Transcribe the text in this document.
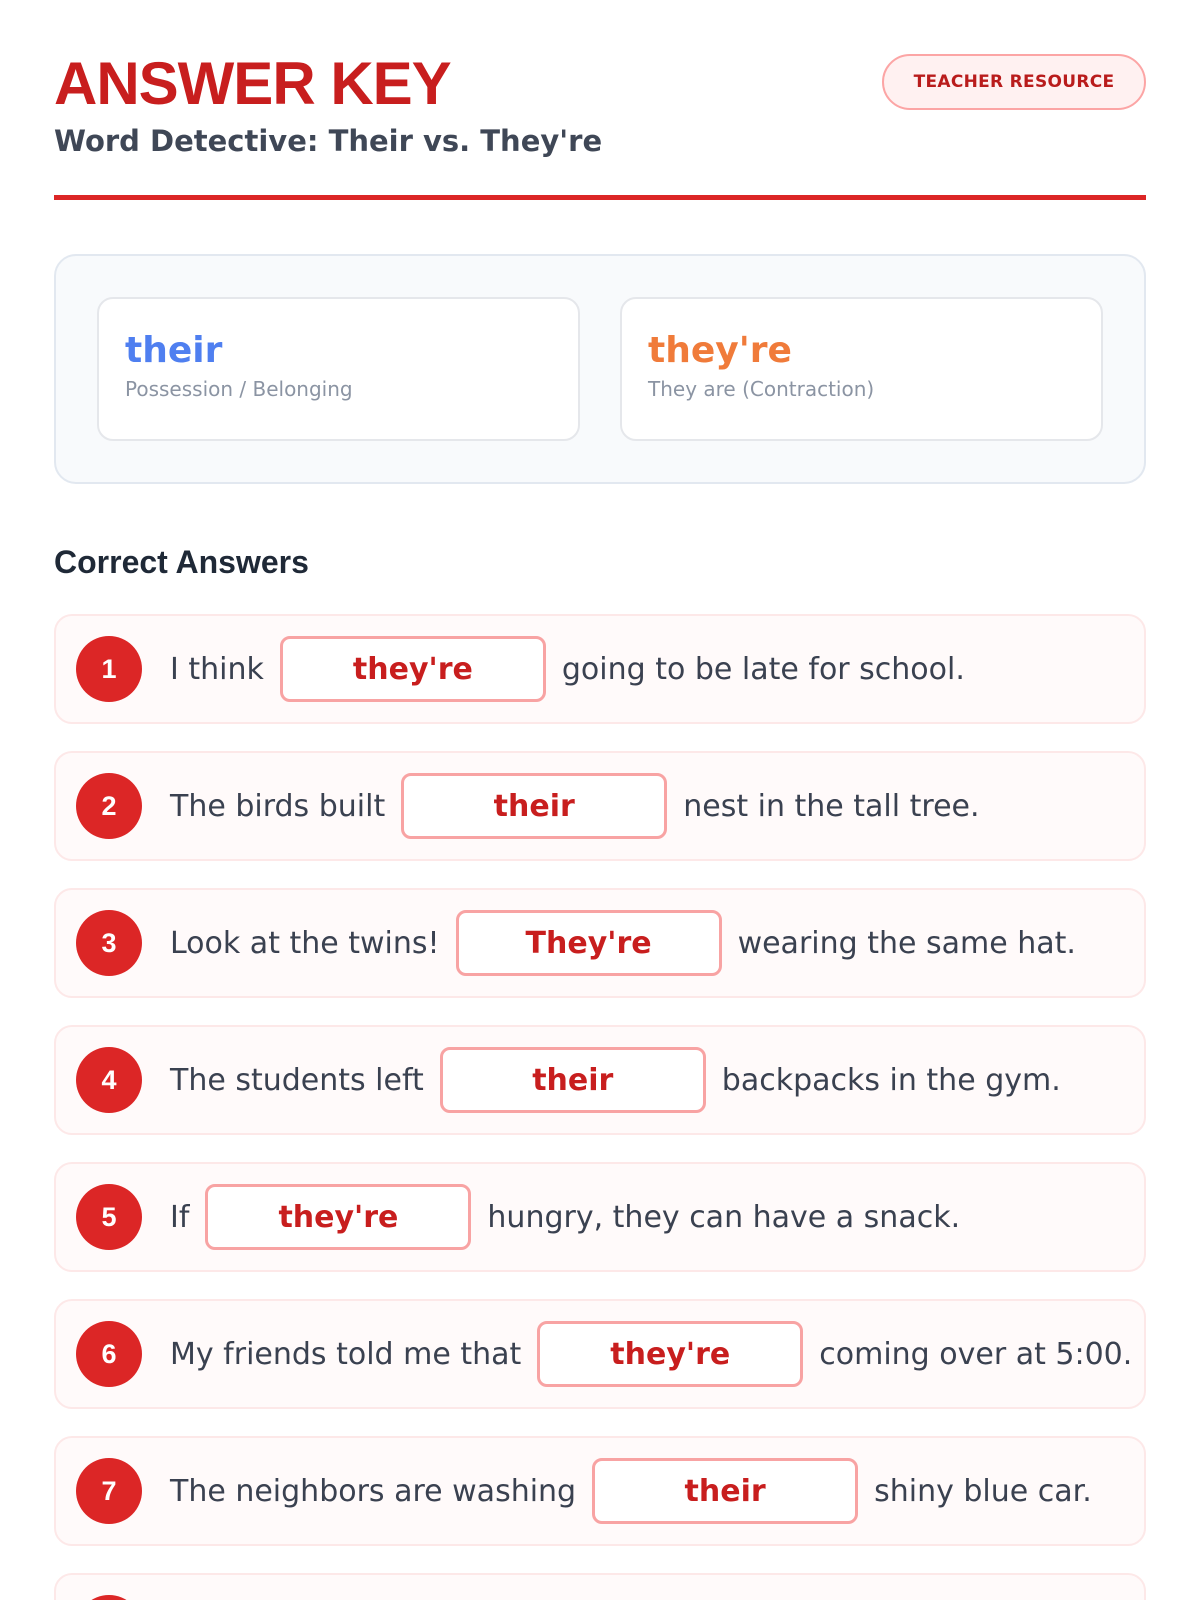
ANSWER KEY
Word Detective: Their vs. They're
TEACHER RESOURCE
their
Possession / Belonging
they're
They are (Contraction)
Correct Answers
1	I think	they're	going to be late for school.
2	The birds built	their	nest in the tall tree.
3	Look at the twins!	They're	wearing the same hat.
4	The students left	their	backpacks in the gym.
5	If	they're	hungry, they can have a snack.
6	My friends told me that	they're	coming over at 5:00.
7	The neighbors are washing	their	shiny blue car.
